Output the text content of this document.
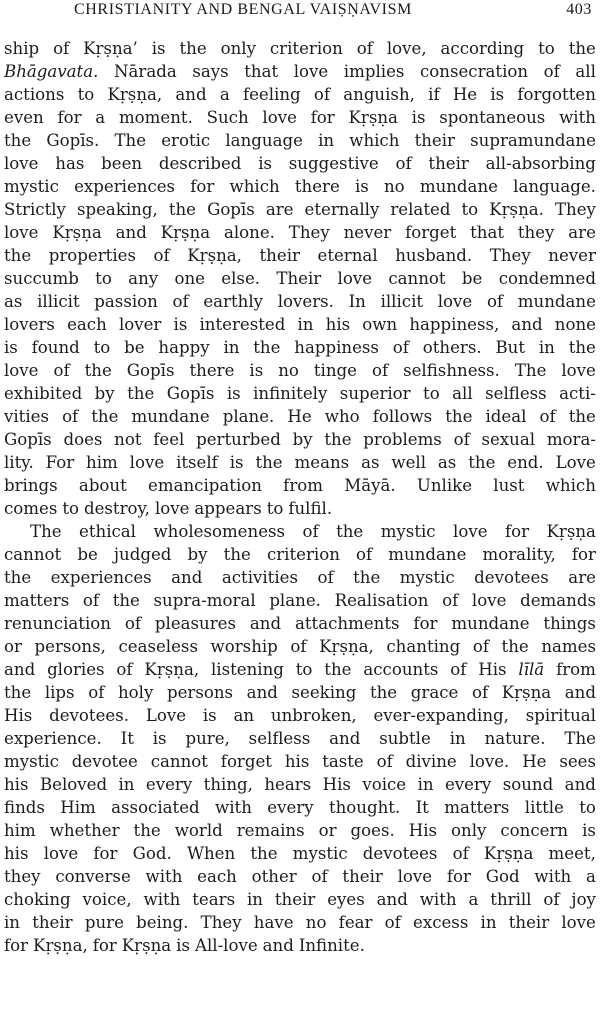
CHRISTIANITY AND BENGAL VAIṢṆAVISM	403
ship of Kṛṣṇa’ is the only criterion of love, according to the
Bhāgavata. Nārada says that love implies consecration of all
actions to Kṛṣṇa, and a feeling of anguish, if He is forgotten
even for a moment. Such love for Kṛṣṇa is spontaneous with
the Gopīs. The erotic language in which their supramundane
love has been described is suggestive of their all-absorbing
mystic experiences for which there is no mundane language.
Strictly speaking, the Gopīs are eternally related to Kṛṣṇa. They
love Kṛṣṇa and Kṛṣṇa alone. They never forget that they are
the properties of Kṛṣṇa, their eternal husband. They never
succumb to any one else. Their love cannot be condemned
as illicit passion of earthly lovers. In illicit love of mundane
lovers each lover is interested in his own happiness, and none
is found to be happy in the happiness of others. But in the
love of the Gopīs there is no tinge of selfishness. The love
exhibited by the Gopīs is infinitely superior to all selfless acti-
vities of the mundane plane. He who follows the ideal of the
Gopīs does not feel perturbed by the problems of sexual mora-
lity. For him love itself is the means as well as the end. Love
brings about emancipation from Māyā. Unlike lust which
comes to destroy, love appears to fulfil.
The ethical wholesomeness of the mystic love for Kṛṣṇa
cannot be judged by the criterion of mundane morality, for
the experiences and activities of the mystic devotees are
matters of the supra-moral plane. Realisation of love demands
renunciation of pleasures and attachments for mundane things
or persons, ceaseless worship of Kṛṣṇa, chanting of the names
and glories of Kṛṣṇa, listening to the accounts of His līlā from
the lips of holy persons and seeking the grace of Kṛṣṇa and
His devotees. Love is an unbroken, ever-expanding, spiritual
experience. It is pure, selfless and subtle in nature. The
mystic devotee cannot forget his taste of divine love. He sees
his Beloved in every thing, hears His voice in every sound and
finds Him associated with every thought. It matters little to
him whether the world remains or goes. His only concern is
his love for God. When the mystic devotees of Kṛṣṇa meet,
they converse with each other of their love for God with a
choking voice, with tears in their eyes and with a thrill of joy
in their pure being. They have no fear of excess in their love
for Kṛṣṇa, for Kṛṣṇa is All-love and Infinite.
